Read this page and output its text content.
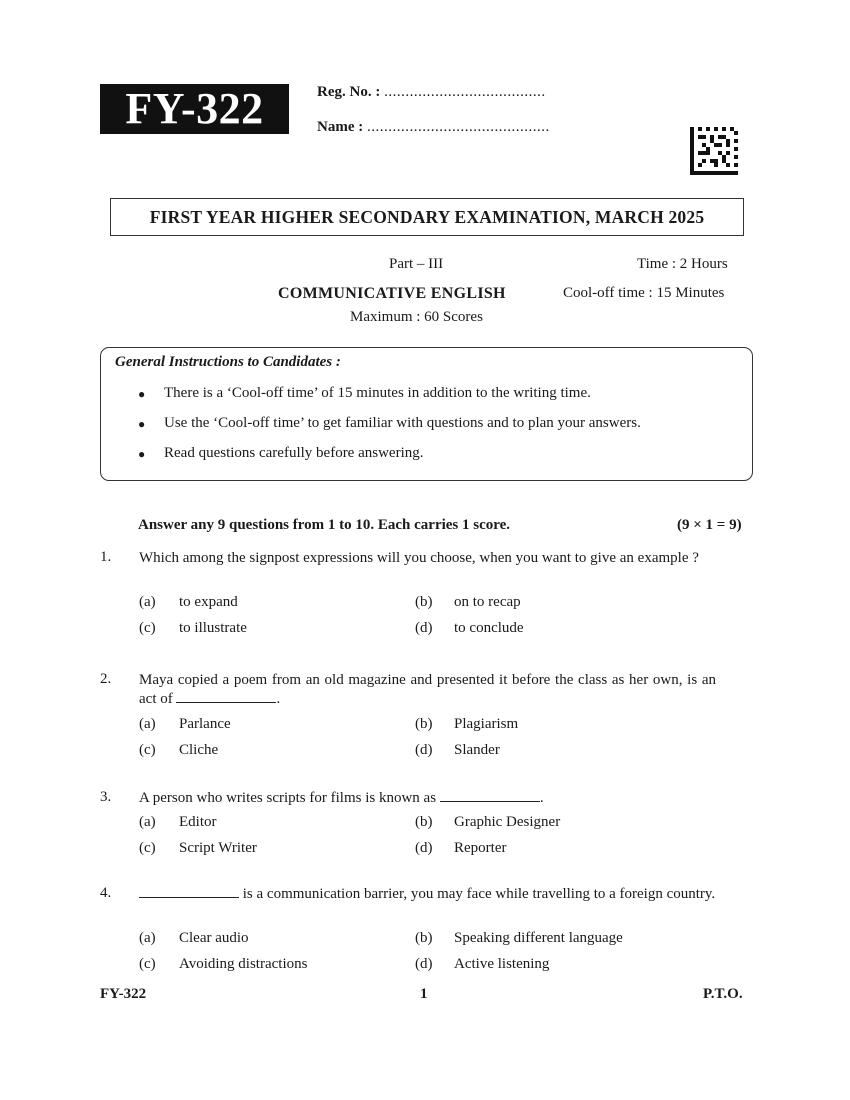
FY-322	Reg. No. : ......................................
Name : ...........................................
FIRST YEAR HIGHER SECONDARY EXAMINATION, MARCH 2025
Part – III	Time : 2 Hours
COMMUNICATIVE ENGLISH	Cool-off time : 15 Minutes
Maximum : 60 Scores
General Instructions to Candidates :
● There is a ‘Cool-off time’ of 15 minutes in addition to the writing time.
● Use the ‘Cool-off time’ to get familiar with questions and to plan your answers.
● Read questions carefully before answering.
Answer any 9 questions from 1 to 10. Each carries 1 score.	(9 × 1 = 9)
1. Which among the signpost expressions will you choose, when you want to give an example ?
(a) to expand	(b) on to recap
(c) to illustrate	(d) to conclude
2. Maya copied a poem from an old magazine and presented it before the class as her own, is an act of	.
(a) Parlance	(b) Plagiarism
(c) Cliche	(d) Slander
3. A person who writes scripts for films is known as	.
(a) Editor	(b) Graphic Designer
(c) Script Writer	(d) Reporter
4.	is a communication barrier, you may face while travelling to a foreign country.
(a) Clear audio	(b) Speaking different language
(c) Avoiding distractions	(d) Active listening
FY-322	1	P.T.O.
